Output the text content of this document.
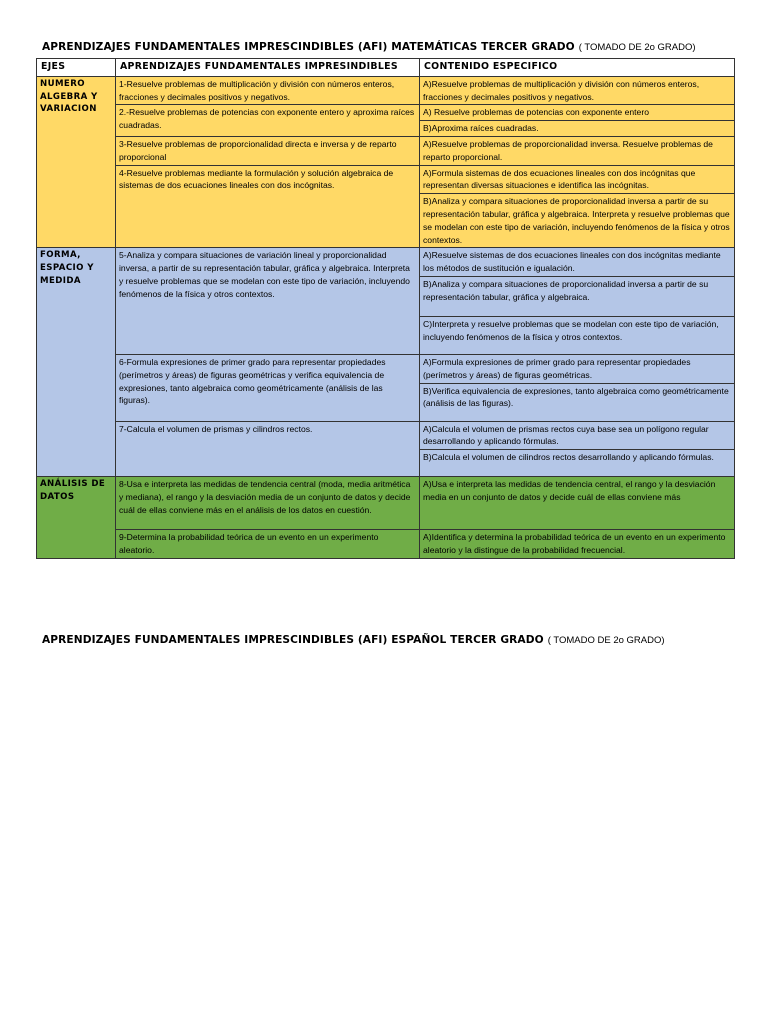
APRENDIZAJES FUNDAMENTALES IMPRESCINDIBLES (AFI) MATEMÁTICAS TERCER GRADO ( TOMADO DE 2o GRADO)
EJES	APRENDIZAJES FUNDAMENTALES IMPRESINDIBLES	CONTENIDO ESPECIFICO
NUMERO ALGEBRA Y VARIACION	1-Resuelve problemas de multiplicación y división con números enteros, fracciones y decimales positivos y negativos.	A)Resuelve problemas de multiplicación y división con números enteros, fracciones y decimales positivos y negativos.
	2.-Resuelve problemas de potencias con exponente entero y aproxima raíces cuadradas.	A) Resuelve problemas de potencias con exponente entero
		B)Aproxima raíces cuadradas.
	3-Resuelve problemas de proporcionalidad directa e inversa y de reparto proporcional	A)Resuelve problemas de proporcionalidad inversa. Resuelve problemas de reparto proporcional.
	4-Resuelve problemas mediante la formulación y solución algebraica de sistemas de dos ecuaciones lineales con dos incógnitas.	A)Formula sistemas de dos ecuaciones lineales con dos incógnitas que representan diversas situaciones e identifica las incógnitas.
		B)Analiza y compara situaciones de proporcionalidad inversa a partir de su representación tabular, gráfica y algebraica. Interpreta y resuelve problemas que se modelan con este tipo de variación, incluyendo fenómenos de la física y otros contextos.
FORMA, ESPACIO Y MEDIDA	5-Analiza y compara situaciones de variación lineal y proporcionalidad inversa, a partir de su representación tabular, gráfica y algebraica. Interpreta y resuelve problemas que se modelan con este tipo de variación, incluyendo fenómenos de la física y otros contextos.	A)Resuelve sistemas de dos ecuaciones lineales con dos incógnitas mediante los métodos de sustitución e igualación.
		B)Analiza y compara situaciones de proporcionalidad inversa a partir de su representación tabular, gráfica y algebraica.
		C)Interpreta y resuelve problemas que se modelan con este tipo de variación, incluyendo fenómenos de la física y otros contextos.
	6-Formula expresiones de primer grado para representar propiedades (perímetros y áreas) de figuras geométricas y verifica equivalencia de expresiones, tanto algebraica como geométricamente (análisis de las figuras).	A)Formula expresiones de primer grado para representar propiedades (perímetros y áreas) de figuras geométricas.
		B)Verifica equivalencia de expresiones, tanto algebraica como geométricamente (análisis de las figuras).
	7-Calcula el volumen de prismas y cilindros rectos.	A)Calcula el volumen de prismas rectos cuya base sea un polígono regular desarrollando y aplicando fórmulas.
		B)Calcula el volumen de cilindros rectos desarrollando y aplicando fórmulas.
ANÁLISIS DE DATOS	8-Usa e interpreta las medidas de tendencia central (moda, media aritmética y mediana), el rango y la desviación media de un conjunto de datos y decide cuál de ellas conviene más en el análisis de los datos en cuestión.	A)Usa e interpreta las medidas de tendencia central, el rango y la desviación media en un conjunto de datos y decide cuál de ellas conviene más
	9-Determina la probabilidad teórica de un evento en un experimento aleatorio.	A)Identifica y determina la probabilidad teórica de un evento en un experimento aleatorio y la distingue de la probabilidad frecuencial.
APRENDIZAJES FUNDAMENTALES IMPRESCINDIBLES (AFI) ESPAÑOL TERCER GRADO ( TOMADO DE 2o GRADO)
